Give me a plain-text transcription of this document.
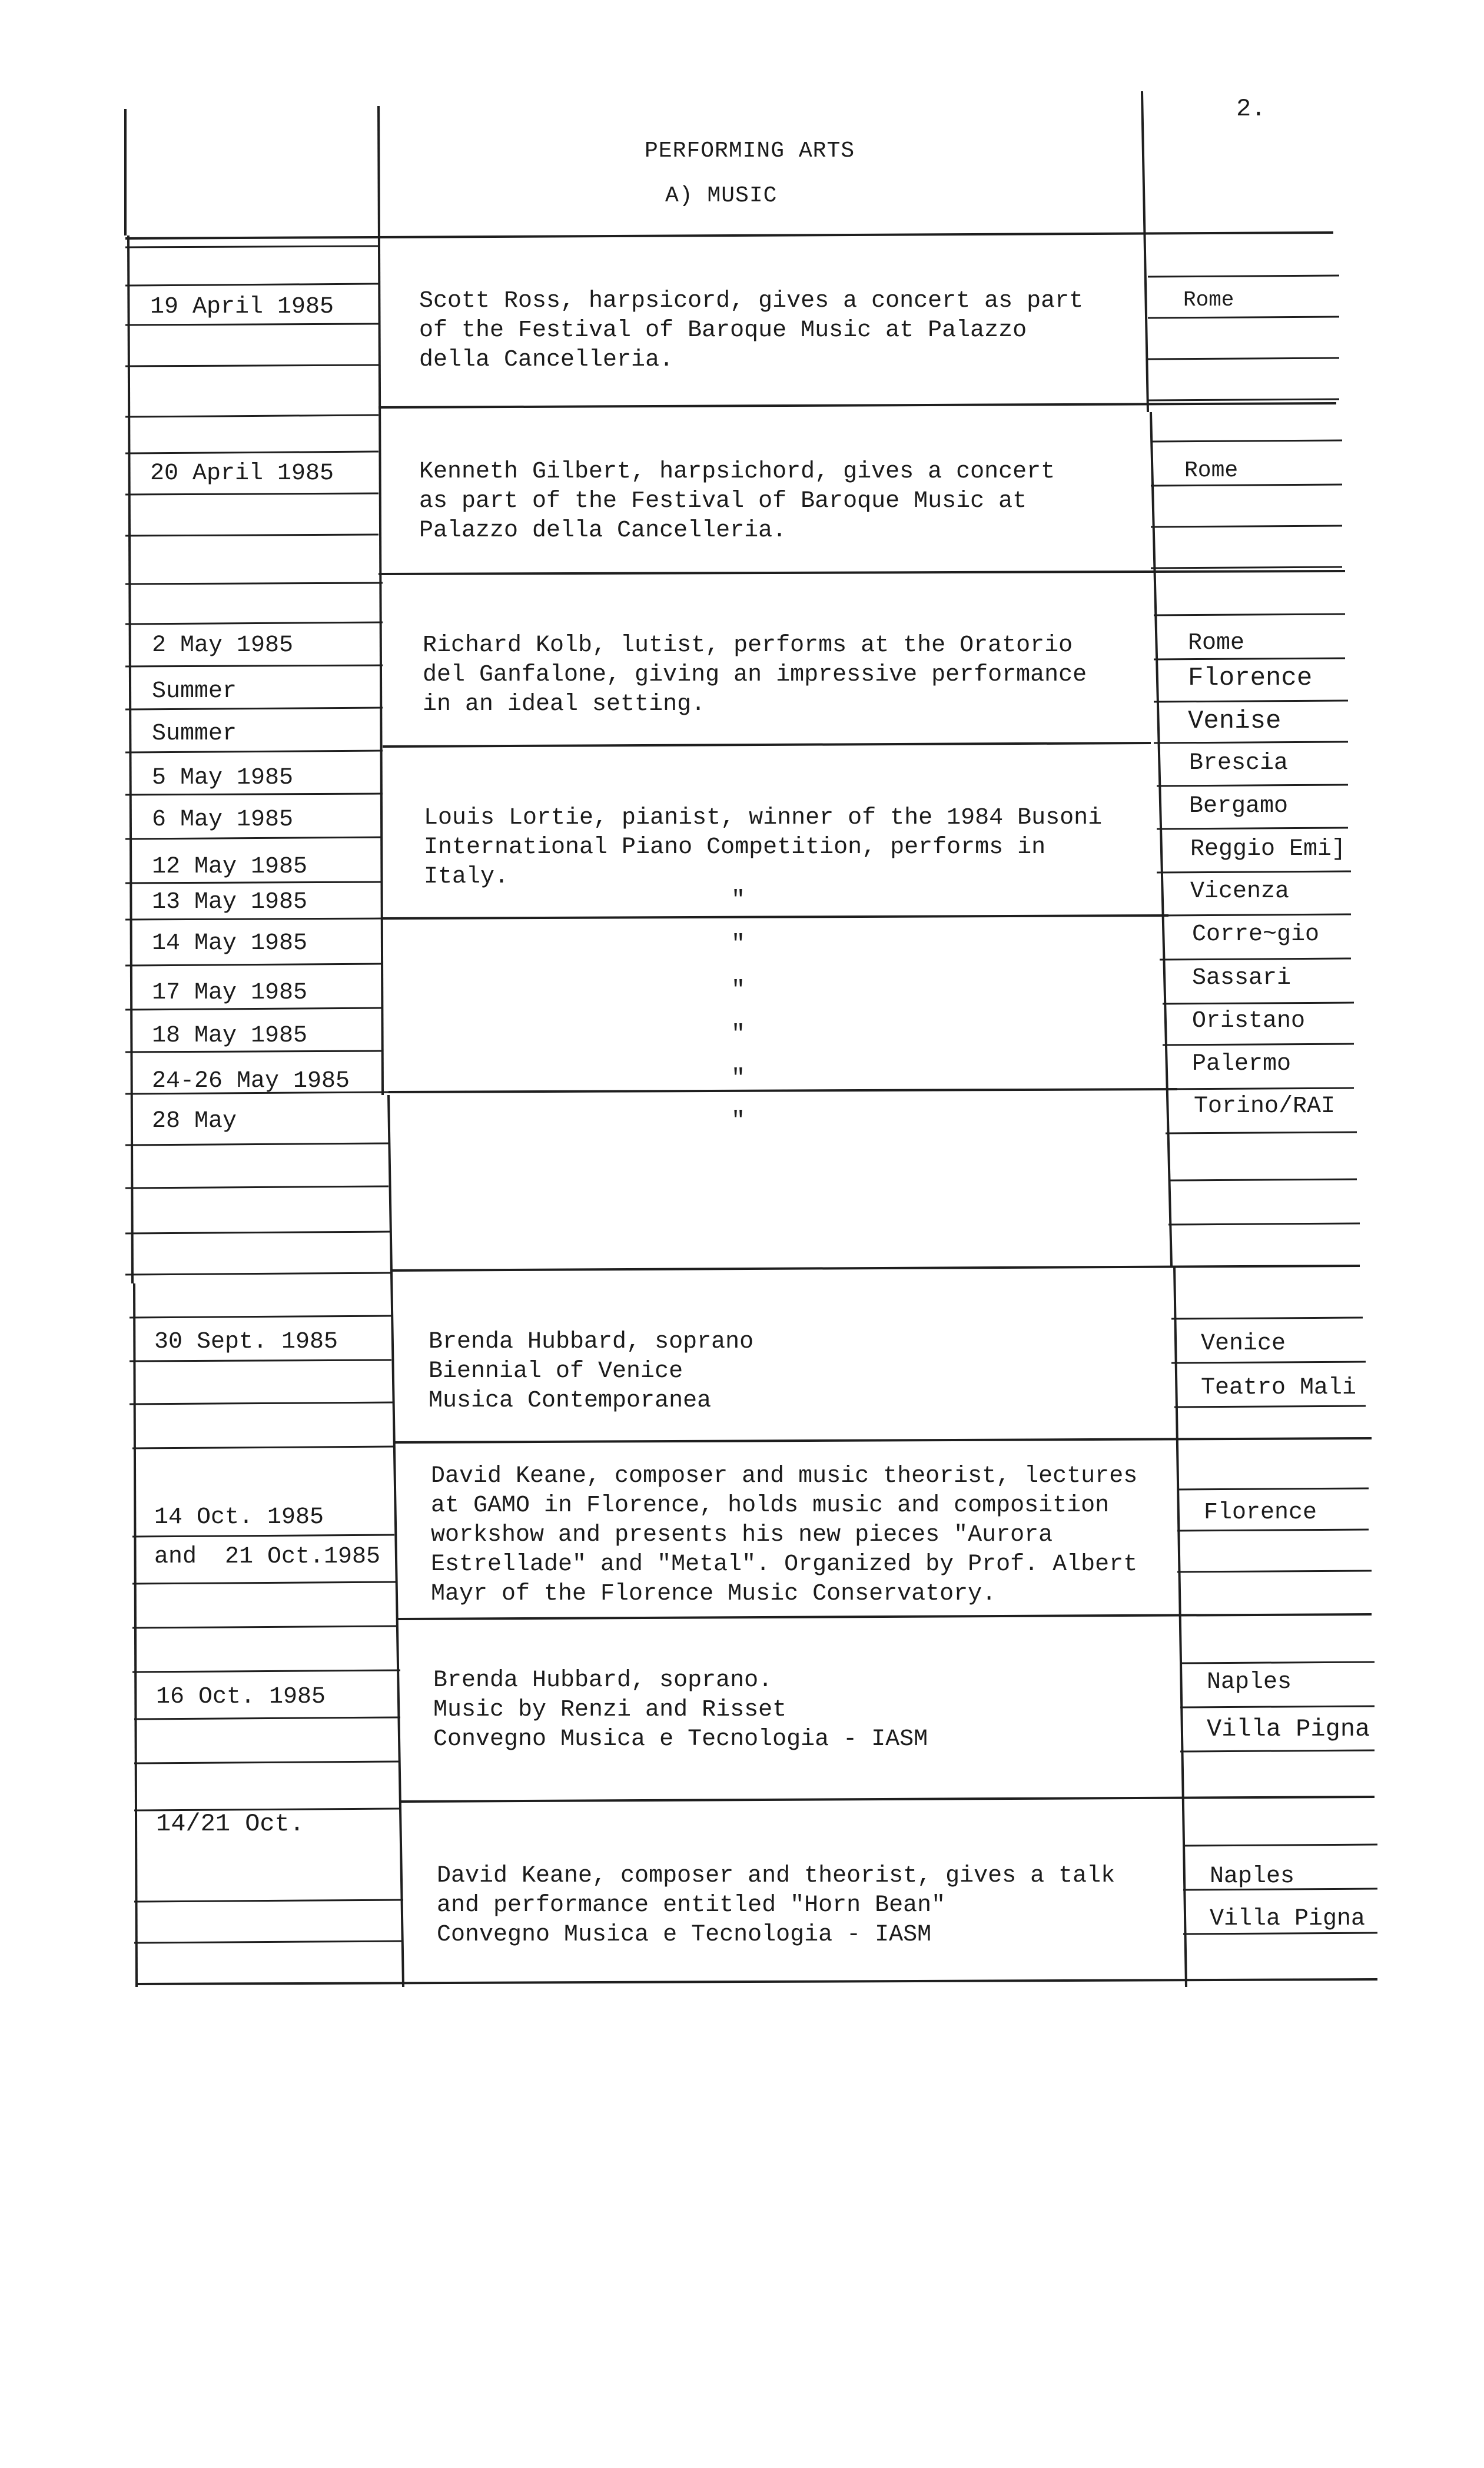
2.
PERFORMING ARTS
A) MUSIC
19 April 1985
20 April 1985
2 May 1985
Summer
Summer
5 May 1985
6 May 1985
12 May 1985
13 May 1985
14 May 1985
17 May 1985
18 May 1985
24-26 May 1985
28 May
30 Sept. 1985
14 Oct. 1985
and  21 Oct.1985
16 Oct. 1985
14/21 Oct.
Scott Ross, harpsicord, gives a concert as part
of the Festival of Baroque Music at Palazzo
della Cancelleria.
Kenneth Gilbert, harpsichord, gives a concert
as part of the Festival of Baroque Music at
Palazzo della Cancelleria.
Richard Kolb, lutist, performs at the Oratorio
del Ganfalone, giving an impressive performance
in an ideal setting.
Louis Lortie, pianist, winner of the 1984 Busoni
International Piano Competition, performs in
Italy.
Brenda Hubbard, soprano
Biennial of Venice
Musica Contemporanea
David Keane, composer and music theorist, lectures
at GAMO in Florence, holds music and composition
workshow and presents his new pieces "Aurora
Estrellade" and "Metal". Organized by Prof. Albert
Mayr of the Florence Music Conservatory.
Brenda Hubbard, soprano.
Music by Renzi and Risset
Convegno Musica e Tecnologia - IASM
David Keane, composer and theorist, gives a talk
and performance entitled "Horn Bean"
Convegno Musica e Tecnologia - IASM
"
"
"
"
"
"
Rome
Rome
Rome
Florence
Venise
Brescia
Bergamo
Reggio Emi]
Vicenza
Corre~gio
Sassari
Oristano
Palermo
Torino/RAI
Venice
Teatro Mali
Florence
Naples
Villa Pigna
Naples
Villa Pigna
